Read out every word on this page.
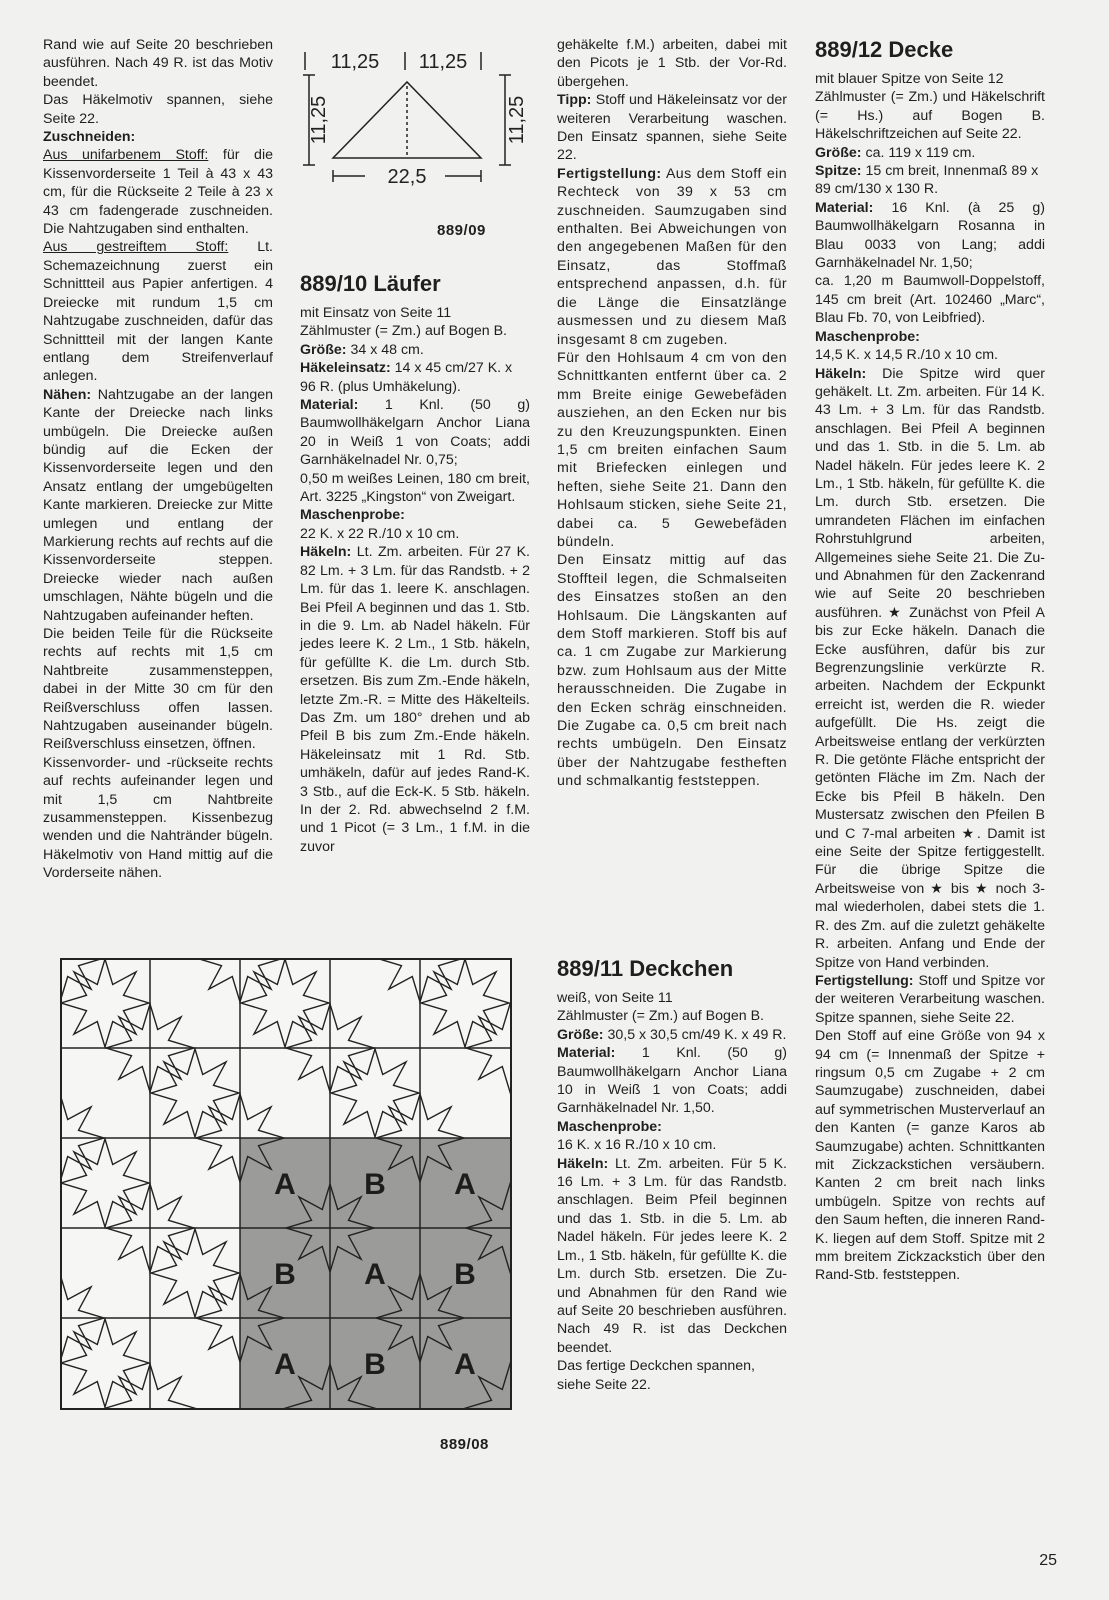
Rand wie auf Seite 20 beschrieben ausführen. Nach 49 R. ist das Motiv beendet.

Das Häkelmotiv spannen, siehe Seite 22.

Zuschneiden:

Aus unifarbenem Stoff: für die Kissenvorderseite 1 Teil à 43 x 43 cm, für die Rückseite 2 Teile à 23 x 43 cm fadengerade zuschneiden. Die Nahtzugaben sind enthalten.

Aus gestreiftem Stoff: Lt. Schemazeichnung zuerst ein Schnittteil aus Papier anfertigen. 4 Dreiecke mit rundum 1,5 cm Nahtzugabe zuschneiden, dafür das Schnittteil mit der langen Kante entlang dem Streifenverlauf anlegen.

Nähen: Nahtzugabe an der langen Kante der Dreiecke nach links umbügeln. Die Dreiecke außen bündig auf die Ecken der Kissenvorderseite legen und den Ansatz entlang der umgebügelten Kante markieren. Dreiecke zur Mitte umlegen und entlang der Markierung rechts auf rechts auf die Kissenvorderseite steppen. Dreiecke wieder nach außen umschlagen, Nähte bügeln und die Nahtzugaben aufeinander heften.

Die beiden Teile für die Rückseite rechts auf rechts mit 1,5 cm Nahtbreite zusammensteppen, dabei in der Mitte 30 cm für den Reißverschluss offen lassen. Nahtzugaben auseinander bügeln. Reißverschluss einsetzen, öffnen.

Kissenvorder- und -rückseite rechts auf rechts aufeinander legen und mit 1,5 cm Nahtbreite zusammensteppen. Kissenbezug wenden und die Nahtränder bügeln. Häkelmotiv von Hand mittig auf die Vorderseite nähen.

11,25 11,25
11,25	11,25
22,5
889/09
889/10 Läufer

mit Einsatz von Seite 11

Zählmuster (= Zm.) auf Bogen B.

Größe: 34 x 48 cm.

Häkeleinsatz: 14 x 45 cm/27 K. x 96 R. (plus Umhäkelung).

Material: 1 Knl. (50 g) Baumwollhäkelgarn Anchor Liana 20 in Weiß 1 von Coats; addi Garnhäkelnadel Nr. 0,75;

0,50 m weißes Leinen, 180 cm breit, Art. 3225 „Kingston“ von Zweigart.

Maschenprobe:

22 K. x 22 R./10 x 10 cm.

Häkeln: Lt. Zm. arbeiten. Für 27 K. 82 Lm. + 3 Lm. für das Randstb. + 2 Lm. für das 1. leere K. anschlagen. Bei Pfeil A beginnen und das 1. Stb. in die 9. Lm. ab Nadel häkeln. Für jedes leere K. 2 Lm., 1 Stb. häkeln, für gefüllte K. die Lm. durch Stb. ersetzen. Bis zum Zm.-Ende häkeln, letzte Zm.-R. = Mitte des Häkelteils. Das Zm. um 180° drehen und ab Pfeil B bis zum Zm.-Ende häkeln. Häkeleinsatz mit 1 Rd. Stb. umhäkeln, dafür auf jedes Rand-K. 3 Stb., auf die Eck-K. 5 Stb. häkeln. In der 2. Rd. abwechselnd 2 f.M. und 1 Picot (= 3 Lm., 1 f.M. in die zuvor

gehäkelte f.M.) arbeiten, dabei mit den Picots je 1 Stb. der Vor-Rd. übergehen.

Tipp: Stoff und Häkeleinsatz vor der weiteren Verarbeitung waschen. Den Einsatz spannen, siehe Seite 22.

Fertigstellung: Aus dem Stoff ein Rechteck von 39 x 53 cm zuschneiden. Saumzugaben sind enthalten. Bei Abweichungen von den angegebenen Maßen für den Einsatz, das Stoffmaß entsprechend anpassen, d.h. für die Länge die Einsatzlänge ausmessen und zu diesem Maß insgesamt 8 cm zugeben.

Für den Hohlsaum 4 cm von den Schnittkanten entfernt über ca. 2 mm Breite einige Gewebefäden ausziehen, an den Ecken nur bis zu den Kreuzungspunkten. Einen 1,5 cm breiten einfachen Saum mit Briefecken einlegen und heften, siehe Seite 21. Dann den Hohlsaum sticken, siehe Seite 21, dabei ca. 5 Gewebefäden bündeln.

Den Einsatz mittig auf das Stoffteil legen, die Schmalseiten des Einsatzes stoßen an den Hohlsaum. Die Längskanten auf dem Stoff markieren. Stoff bis auf ca. 1 cm Zugabe zur Markierung bzw. zum Hohlsaum aus der Mitte herausschneiden. Die Zugabe in den Ecken schräg einschneiden. Die Zugabe ca. 0,5 cm breit nach rechts umbügeln. Den Einsatz über der Nahtzugabe festheften und schmalkantig feststeppen.

889/11 Deckchen

weiß, von Seite 11

Zählmuster (= Zm.) auf Bogen B.

Größe: 30,5 x 30,5 cm/49 K. x 49 R.

Material: 1 Knl. (50 g) Baumwollhäkelgarn Anchor Liana 10 in Weiß 1 von Coats; addi Garnhäkelnadel Nr. 1,50.

Maschenprobe:

16 K. x 16 R./10 x 10 cm.

Häkeln: Lt. Zm. arbeiten. Für 5 K. 16 Lm. + 3 Lm. für das Randstb. anschlagen. Beim Pfeil beginnen und das 1. Stb. in die 5. Lm. ab Nadel häkeln. Für jedes leere K. 2 Lm., 1 Stb. häkeln, für gefüllte K. die Lm. durch Stb. ersetzen. Die Zu- und Abnahmen für den Rand wie auf Seite 20 beschrieben ausführen. Nach 49 R. ist das Deckchen beendet.

Das fertige Deckchen spannen, siehe Seite 22.

889/12 Decke

mit blauer Spitze von Seite 12

Zählmuster (= Zm.) und Häkelschrift (= Hs.) auf Bogen B. Häkelschriftzeichen auf Seite 22.

Größe: ca. 119 x 119 cm.

Spitze: 15 cm breit, Innenmaß 89 x 89 cm/130 x 130 R.

Material: 16 Knl. (à 25 g) Baumwollhäkelgarn Rosanna in Blau 0033 von Lang; addi Garnhäkelnadel Nr. 1,50;

ca. 1,20 m Baumwoll-Doppelstoff, 145 cm breit (Art. 102460 „Marc“, Blau Fb. 70, von Leibfried).

Maschenprobe:

14,5 K. x 14,5 R./10 x 10 cm.

Häkeln: Die Spitze wird quer gehäkelt. Lt. Zm. arbeiten. Für 14 K. 43 Lm. + 3 Lm. für das Randstb. anschlagen. Bei Pfeil A beginnen und das 1. Stb. in die 5. Lm. ab Nadel häkeln. Für jedes leere K. 2 Lm., 1 Stb. häkeln, für gefüllte K. die Lm. durch Stb. ersetzen. Die umrandeten Flächen im einfachen Rohrstuhlgrund arbeiten, Allgemeines siehe Seite 21. Die Zu- und Abnahmen für den Zackenrand wie auf Seite 20 beschrieben ausführen. ★ Zunächst von Pfeil A bis zur Ecke häkeln. Danach die Ecke ausführen, dafür bis zur Begrenzungslinie verkürzte R. arbeiten. Nachdem der Eckpunkt erreicht ist, werden die R. wieder aufgefüllt. Die Hs. zeigt die Arbeitsweise entlang der verkürzten R. Die getönte Fläche entspricht der getönten Fläche im Zm. Nach der Ecke bis Pfeil B häkeln. Den Mustersatz zwischen den Pfeilen B und C 7-mal arbeiten ★. Damit ist eine Seite der Spitze fertiggestellt. Für die übrige Spitze die Arbeitsweise von ★ bis ★ noch 3-mal wiederholen, dabei stets die 1. R. des Zm. auf die zuletzt gehäkelte R. arbeiten. Anfang und Ende der Spitze von Hand verbinden.

Fertigstellung: Stoff und Spitze vor der weiteren Verarbeitung waschen. Spitze spannen, siehe Seite 22.

Den Stoff auf eine Größe von 94 x 94 cm (= Innenmaß der Spitze + ringsum 0,5 cm Zugabe + 2 cm Saumzugabe) zuschneiden, dabei auf symmetrischen Musterverlauf an den Kanten (= ganze Karos ab Saumzugabe) achten. Schnittkanten mit Zickzackstichen versäubern. Kanten 2 cm breit nach links umbügeln. Spitze von rechts auf den Saum heften, die inneren Rand-K. liegen auf dem Stoff. Spitze mit 2 mm breitem Zickzackstich über den Rand-Stb. feststeppen.

A B A
B A B
A B A
889/08
25
